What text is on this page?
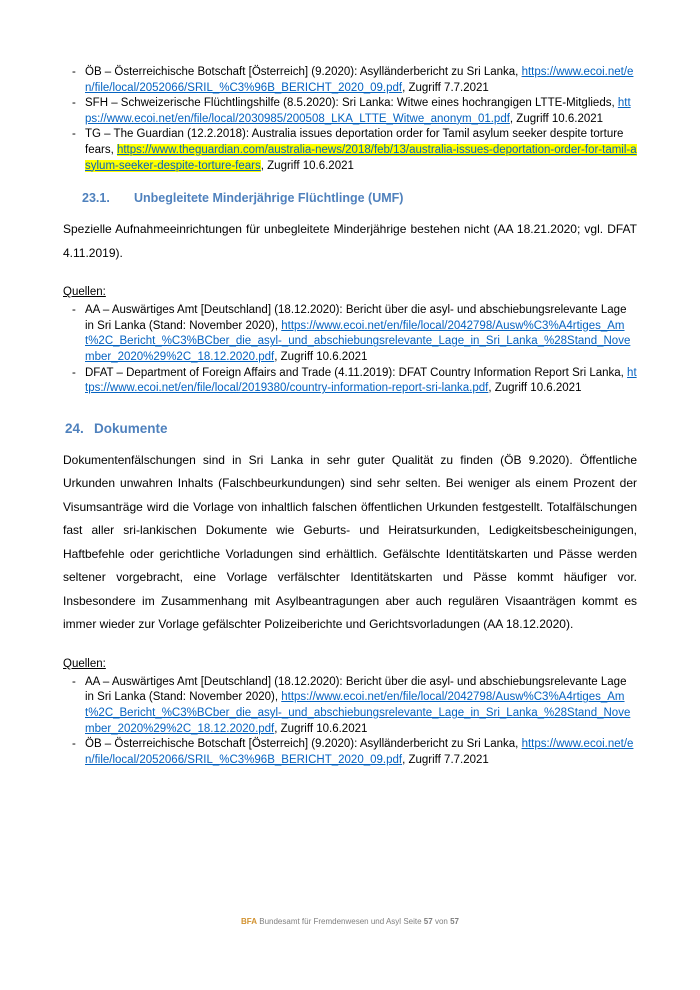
- ÖB – Österreichische Botschaft [Österreich] (9.2020): Asylländerbericht zu Sri Lanka, https://www.ecoi.net/en/file/local/2052066/SRIL_%C3%96B_BERICHT_2020_09.pdf, Zugriff 7.7.2021
- SFH – Schweizerische Flüchtlingshilfe (8.5.2020): Sri Lanka: Witwe eines hochrangigen LTTE-Mitglieds, https://www.ecoi.net/en/file/local/2030985/200508_LKA_LTTE_Witwe_anonym_01.pdf, Zugriff 10.6.2021
- TG – The Guardian (12.2.2018): Australia issues deportation order for Tamil asylum seeker despite torture fears, https://www.theguardian.com/australia-news/2018/feb/13/australia-issues-deportation-order-for-tamil-asylum-seeker-despite-torture-fears, Zugriff 10.6.2021
23.1. Unbegleitete Minderjährige Flüchtlinge (UMF)

Spezielle Aufnahmeeinrichtungen für unbegleitete Minderjährige bestehen nicht (AA 18.21.2020; vgl. DFAT 4.11.2019).

Quellen:

- AA – Auswärtiges Amt [Deutschland] (18.12.2020): Bericht über die asyl- und abschiebungsrelevante Lage in Sri Lanka (Stand: November 2020), https://www.ecoi.net/en/file/local/2042798/Ausw%C3%A4rtiges_Amt%2C_Bericht_%C3%BCber_die_asyl-_und_abschiebungsrelevante_Lage_in_Sri_Lanka_%28Stand_November_2020%29%2C_18.12.2020.pdf, Zugriff 10.6.2021
- DFAT – Department of Foreign Affairs and Trade (4.11.2019): DFAT Country Information Report Sri Lanka, https://www.ecoi.net/en/file/local/2019380/country-information-report-sri-lanka.pdf, Zugriff 10.6.2021
24. Dokumente

Dokumentenfälschungen sind in Sri Lanka in sehr guter Qualität zu finden (ÖB 9.2020). Öffentliche Urkunden unwahren Inhalts (Falschbeurkundungen) sind sehr selten. Bei weniger als einem Prozent der Visumsanträge wird die Vorlage von inhaltlich falschen öffentlichen Urkunden festgestellt. Totalfälschungen fast aller sri-lankischen Dokumente wie Geburts- und Heiratsurkunden, Ledigkeitsbescheinigungen, Haftbefehle oder gerichtliche Vorladungen sind erhältlich. Gefälschte Identitätskarten und Pässe werden seltener vorgebracht, eine Vorlage verfälschter Identitätskarten und Pässe kommt häufiger vor. Insbesondere im Zusammenhang mit Asylbeantragungen aber auch regulären Visaanträgen kommt es immer wieder zur Vorlage gefälschter Polizeiberichte und Gerichtsvorladungen (AA 18.12.2020).

Quellen:

- AA – Auswärtiges Amt [Deutschland] (18.12.2020): Bericht über die asyl- und abschiebungsrelevante Lage in Sri Lanka (Stand: November 2020), https://www.ecoi.net/en/file/local/2042798/Ausw%C3%A4rtiges_Amt%2C_Bericht_%C3%BCber_die_asyl-_und_abschiebungsrelevante_Lage_in_Sri_Lanka_%28Stand_November_2020%29%2C_18.12.2020.pdf, Zugriff 10.6.2021
- ÖB – Österreichische Botschaft [Österreich] (9.2020): Asylländerbericht zu Sri Lanka, https://www.ecoi.net/en/file/local/2052066/SRIL_%C3%96B_BERICHT_2020_09.pdf, Zugriff 7.7.2021
BFA Bundesamt für Fremdenwesen und Asyl Seite 57 von 57
